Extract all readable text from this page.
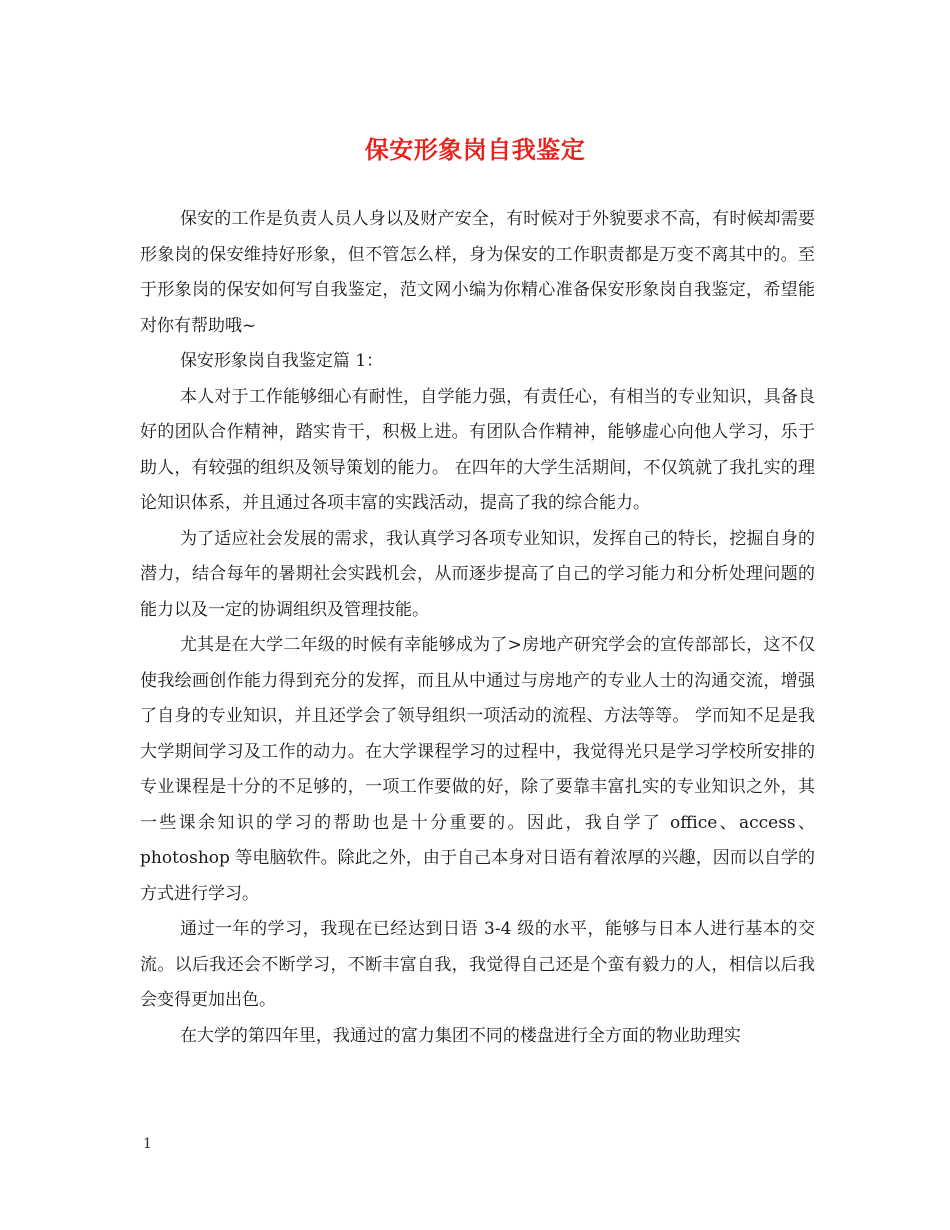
保安形象岗自我鉴定

保安的工作是负责人员人身以及财产安全，有时候对于外貌要求不高，有时候却需要形象岗的保安维持好形象，但不管怎么样，身为保安的工作职责都是万变不离其中的。至于形象岗的保安如何写自我鉴定，范文网小编为你精心准备保安形象岗自我鉴定，希望能对你有帮助哦~

保安形象岗自我鉴定篇 1：

本人对于工作能够细心有耐性，自学能力强，有责任心，有相当的专业知识，具备良好的团队合作精神，踏实肯干，积极上进。有团队合作精神，能够虚心向他人学习，乐于助人，有较强的组织及领导策划的能力。 在四年的大学生活期间，不仅筑就了我扎实的理论知识体系，并且通过各项丰富的实践活动，提高了我的综合能力。

为了适应社会发展的需求，我认真学习各项专业知识，发挥自己的特长，挖掘自身的潜力，结合每年的暑期社会实践机会，从而逐步提高了自己的学习能力和分析处理问题的能力以及一定的协调组织及管理技能。

尤其是在大学二年级的时候有幸能够成为了>房地产研究学会的宣传部部长，这不仅使我绘画创作能力得到充分的发挥，而且从中通过与房地产的专业人士的沟通交流，增强了自身的专业知识，并且还学会了领导组织一项活动的流程、方法等等。 学而知不足是我大学期间学习及工作的动力。在大学课程学习的过程中，我觉得光只是学习学校所安排的专业课程是十分的不足够的，一项工作要做的好，除了要靠丰富扎实的专业知识之外，其一些课余知识的学习的帮助也是十分重要的。因此，我自学了 office、access、photoshop 等电脑软件。除此之外，由于自己本身对日语有着浓厚的兴趣，因而以自学的方式进行学习。

通过一年的学习，我现在已经达到日语 3-4 级的水平，能够与日本人进行基本的交流。以后我还会不断学习，不断丰富自我，我觉得自己还是个蛮有毅力的人，相信以后我会变得更加出色。

在大学的第四年里，我通过的富力集团不同的楼盘进行全方面的物业助理实

1
